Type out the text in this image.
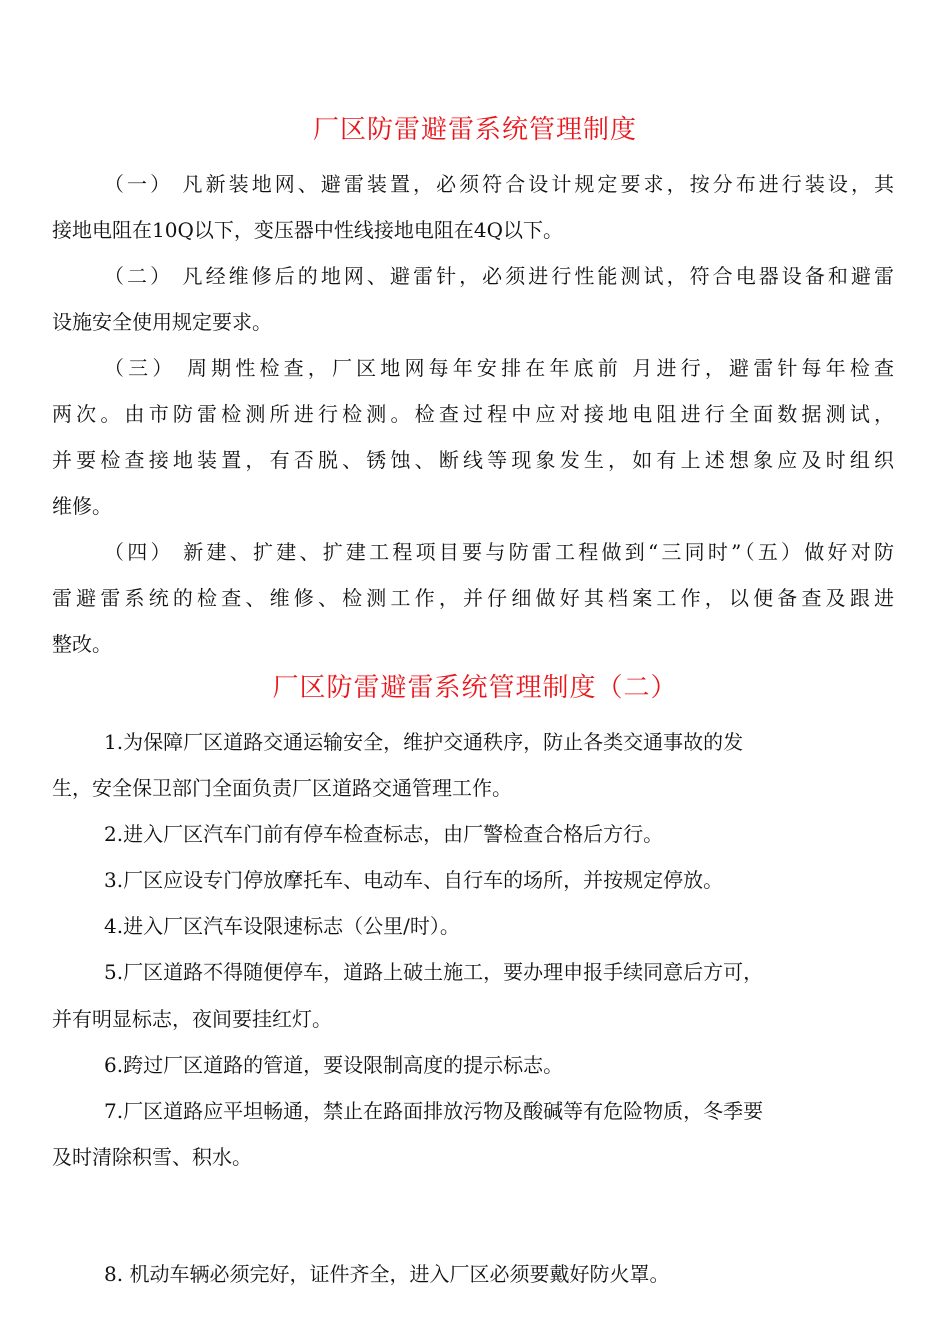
厂区防雷避雷系统管理制度
（一） 凡新装地网、避雷装置，必须符合设计规定要求，按分布进行装设，其
接地电阻在10Q以下，变压器中性线接地电阻在4Q以下。
（二） 凡经维修后的地网、避雷针，必须进行性能测试，符合电器设备和避雷
设施安全使用规定要求。
（三） 周期性检查，厂区地网每年安排在年底前 月进行，避雷针每年检查
两次。由市防雷检测所进行检测。检查过程中应对接地电阻进行全面数据测试，
并要检查接地装置，有否脱、锈蚀、断线等现象发生，如有上述想象应及时组织
维修。
（四） 新建、扩建、扩建工程项目要与防雷工程做到“三同时”（五）做好对防
雷避雷系统的检查、维修、检测工作，并仔细做好其档案工作，以便备查及跟进
整改。
厂区防雷避雷系统管理制度（二）
1.为保障厂区道路交通运输安全，维护交通秩序，防止各类交通事故的发
生，安全保卫部门全面负责厂区道路交通管理工作。
2.进入厂区汽车门前有停车检查标志，由厂警检查合格后方行。
3.厂区应设专门停放摩托车、电动车、自行车的场所，并按规定停放。
4.进入厂区汽车设限速标志（公里/时）。
5.厂区道路不得随便停车，道路上破土施工，要办理申报手续同意后方可，
并有明显标志，夜间要挂红灯。
6.跨过厂区道路的管道，要设限制高度的提示标志。
7.厂区道路应平坦畅通，禁止在路面排放污物及酸碱等有危险物质，冬季要
及时清除积雪、积水。
8. 机动车辆必须完好，证件齐全，进入厂区必须要戴好防火罩。
